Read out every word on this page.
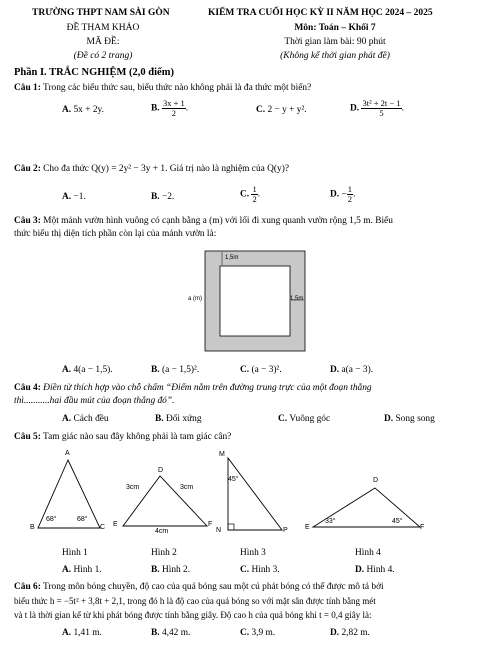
TRƯỜNG THPT NAM SÀI GÒN	KIỂM TRA CUỐI HỌC KỲ II NĂM HỌC 2024 – 2025
ĐỀ THAM KHẢO	Môn: Toán – Khối 7
MÃ ĐỀ:	Thời gian làm bài: 90 phút
(Đề có 2 trang)	(Không kể thời gian phát đề)
Phần I. TRẮC NGHIỆM (2,0 điểm)
Câu 1: Trong các biểu thức sau, biểu thức nào không phải là đa thức một biến?
A. 5x + 2y.	B. $\frac{3x + 1}{2}$ .	C. 2 − y + y².	D. $\frac{\text{3t² + 2t − 1}}{5}$ .
Câu 2: Cho đa thức Q(y) = 2y² − 3y + 1. Giá trị nào là nghiệm của Q(y)?
A. −1.	B. −2.	C. $\frac{1}{2}$ .	D. − $\frac{1}{2}$ .
Câu 3: Một mảnh vườn hình vuông có cạnh bằng a (m) với lối đi xung quanh vườn rộng 1,5 m. Biểu
thức biểu thị diện tích phần còn lại của mảnh vườn là:
1,5m
a (m)	1,5m
A. 4(a − 1,5).	B. (a − 1,5)².	C. (a − 3)².	D. a(a − 3).
Câu 4: Điền từ thích hợp vào chỗ chấm “Điểm nằm trên đường trung trực của một đoạn thẳng
thì...........hai đầu mút của đoạn thẳng đó”.
A. Cách đều	B. Đối xứng	C. Vuông góc	D. Song song
Câu 5: Tam giác nào sau đây không phải là tam giác cân?
A
B	C
68°	68°
D
E	F
3cm	3cm
4cm
M
45°
N	P
D
E	F
33°	45°
Hình 1	Hình 2	Hình 3	Hình 4
A. Hình 1.	B. Hình 2.	C. Hình 3.	D. Hình 4.
Câu 6: Trong môn bóng chuyền, độ cao của quả bóng sau một cú phát bóng có thể được mô tả bởi
biểu thức h = −5t² + 3,8t + 2,1, trong đó h là độ cao của quả bóng so với mặt sân được tính bằng mét
và t là thời gian kể từ khi phát bóng được tính bằng giây. Độ cao h của quả bóng khi t = 0,4 giây là:
A. 1,41 m.	B. 4,42 m.	C. 3,9 m.	D. 2,82 m.
